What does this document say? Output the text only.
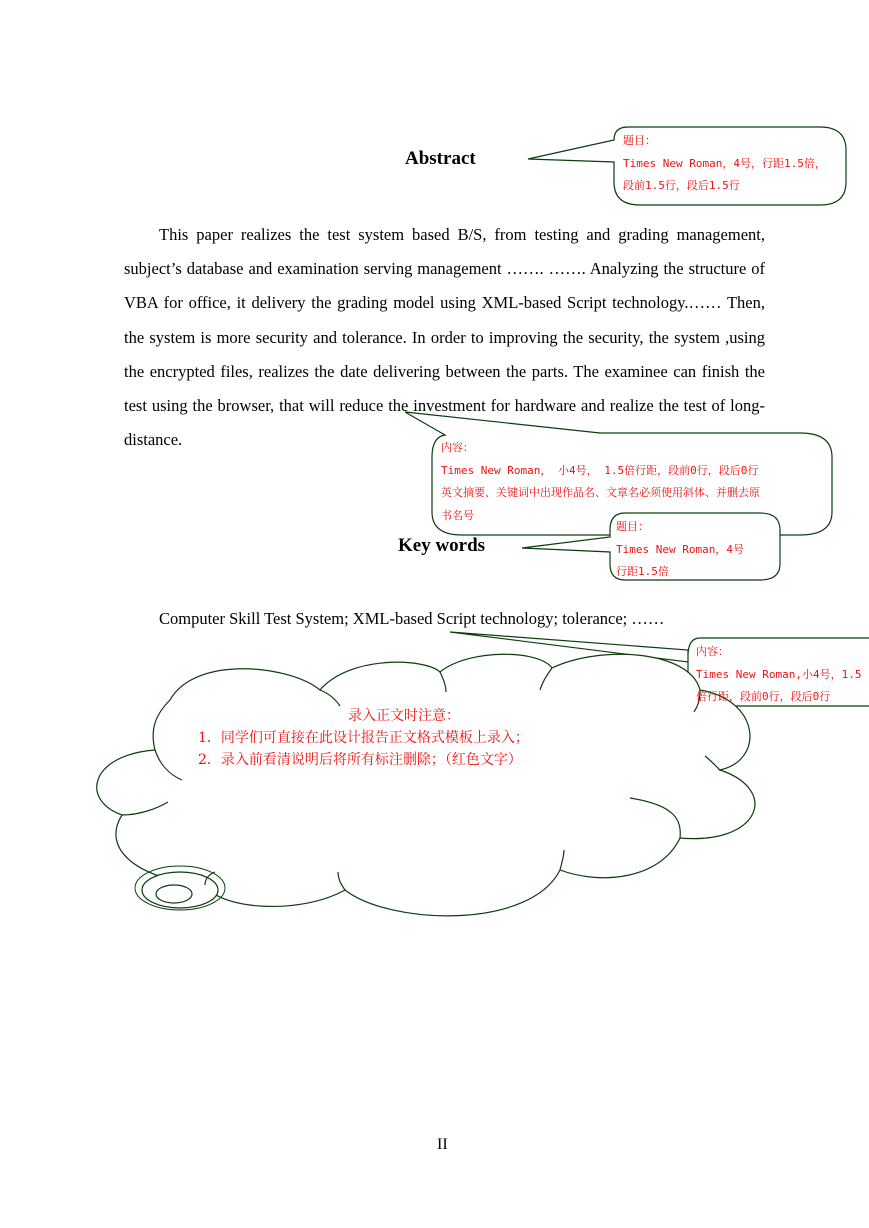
Abstract

This paper realizes the test system based B/S, from testing and grading management, subject’s database and examination serving management ……. ……. Analyzing the structure of VBA for office, it delivery the grading model using XML-based Script technology.…… Then, the system is more security and tolerance. In order to improving the security, the system ,using the encrypted files, realizes the date delivering between the parts. The examinee can finish the test using the browser, that will reduce the investment for hardware and realize the test of long-distance.

Key words
Computer Skill Test System; XML-based Script technology; tolerance; ……
题目：
Times New Roman，4号，行距1.5倍，
段前1.5行，段后1.5行
内容：
Times New Roman， 小4号， 1.5倍行距，段前0行，段后0行
英文摘要、关键词中出现作品名、文章名必须使用斜体、并删去原
书名号
题目：
Times New Roman，4号
行距1.5倍
内容：
Times New Roman,小4号，1.5
倍行距，段前0行，段后0行
录入正文时注意：
1．同学们可直接在此设计报告正文格式模板上录入；
2．录入前看清说明后将所有标注删除；（红色文字）
II
